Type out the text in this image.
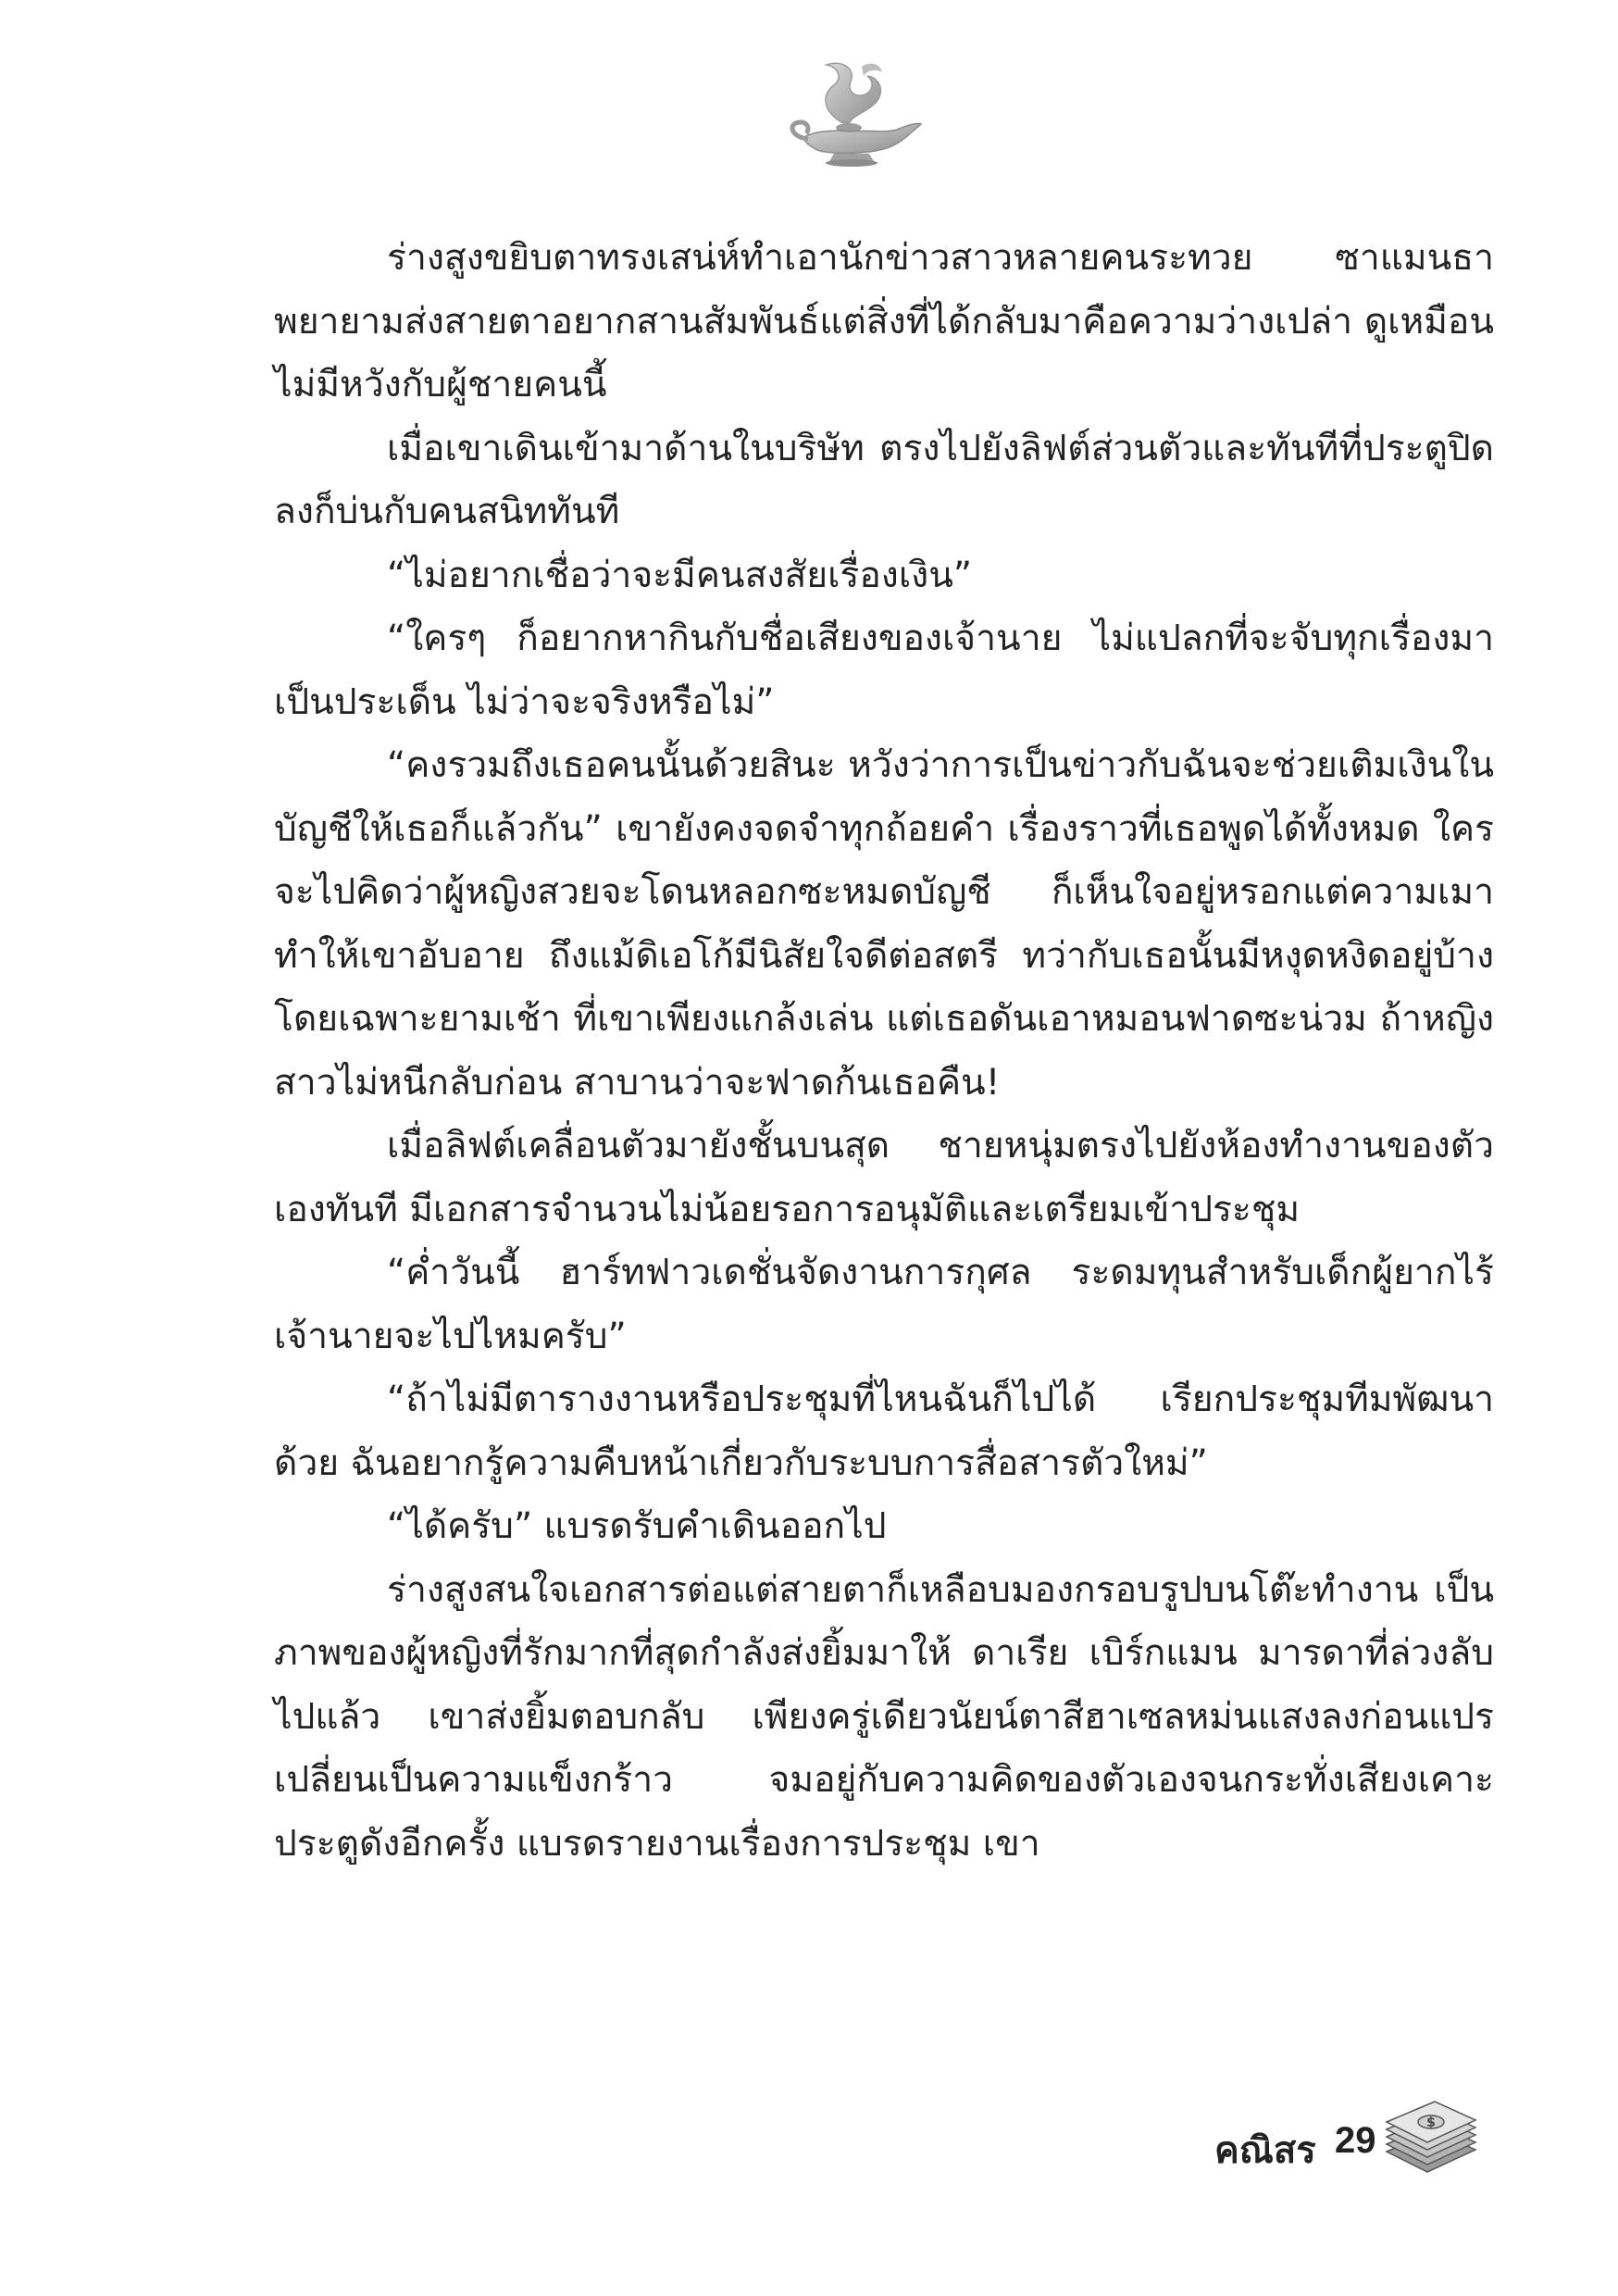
ร่างสูงขยิบตาทรงเสน่ห์ทำเอานักข่าวสาวหลายคนระทวย ซาแมนธาพยายามส่งสายตาอยากสานสัมพันธ์แต่สิ่งที่ได้กลับมาคือความว่างเปล่า ดูเหมือนไม่มีหวังกับผู้ชายคนนี้

เมื่อเขาเดินเข้ามาด้านในบริษัท ตรงไปยังลิฟต์ส่วนตัวและทันทีที่ประตูปิดลงก็บ่นกับคนสนิททันที

“ไม่อยากเชื่อว่าจะมีคนสงสัยเรื่องเงิน”

“ใครๆ ก็อยากหากินกับชื่อเสียงของเจ้านาย ไม่แปลกที่จะจับทุกเรื่องมาเป็นประเด็น ไม่ว่าจะจริงหรือไม่”

“คงรวมถึงเธอคนนั้นด้วยสินะ หวังว่าการเป็นข่าวกับฉันจะช่วยเติมเงินในบัญชีให้เธอก็แล้วกัน” เขายังคงจดจำทุกถ้อยคำ เรื่องราวที่เธอพูดได้ทั้งหมด ใครจะไปคิดว่าผู้หญิงสวยจะโดนหลอกซะหมดบัญชี ก็เห็นใจอยู่หรอกแต่ความเมาทำให้เขาอับอาย ถึงแม้ดิเอโก้มีนิสัยใจดีต่อสตรี ทว่ากับเธอนั้นมีหงุดหงิดอยู่บ้าง โดยเฉพาะยามเช้า ที่เขาเพียงแกล้งเล่น แต่เธอดันเอาหมอนฟาดซะน่วม ถ้าหญิงสาวไม่หนีกลับก่อน สาบานว่าจะฟาดก้นเธอคืน!

เมื่อลิฟต์เคลื่อนตัวมายังชั้นบนสุด ชายหนุ่มตรงไปยังห้องทำงานของตัวเองทันที มีเอกสารจำนวนไม่น้อยรอการอนุมัติและเตรียมเข้าประชุม

“ค่ำวันนี้ ฮาร์ทฟาวเดชั่นจัดงานการกุศล ระดมทุนสำหรับเด็กผู้ยากไร้ เจ้านายจะไปไหมครับ”

“ถ้าไม่มีตารางงานหรือประชุมที่ไหนฉันก็ไปได้ เรียกประชุมทีมพัฒนาด้วย ฉันอยากรู้ความคืบหน้าเกี่ยวกับระบบการสื่อสารตัวใหม่”

“ได้ครับ” แบรดรับคำเดินออกไป

ร่างสูงสนใจเอกสารต่อแต่สายตาก็เหลือบมองกรอบรูปบนโต๊ะทำงาน เป็นภาพของผู้หญิงที่รักมากที่สุดกำลังส่งยิ้มมาให้ ดาเรีย เบิร์กแมน มารดาที่ล่วงลับไปแล้ว เขาส่งยิ้มตอบกลับ เพียงครู่เดียวนัยน์ตาสีฮาเซลหม่นแสงลงก่อนแปรเปลี่ยนเป็นความแข็งกร้าว จมอยู่กับความคิดของตัวเองจนกระทั่งเสียงเคาะประตูดังอีกครั้ง แบรดรายงานเรื่องการประชุม เขา

คณิสร 29	$
